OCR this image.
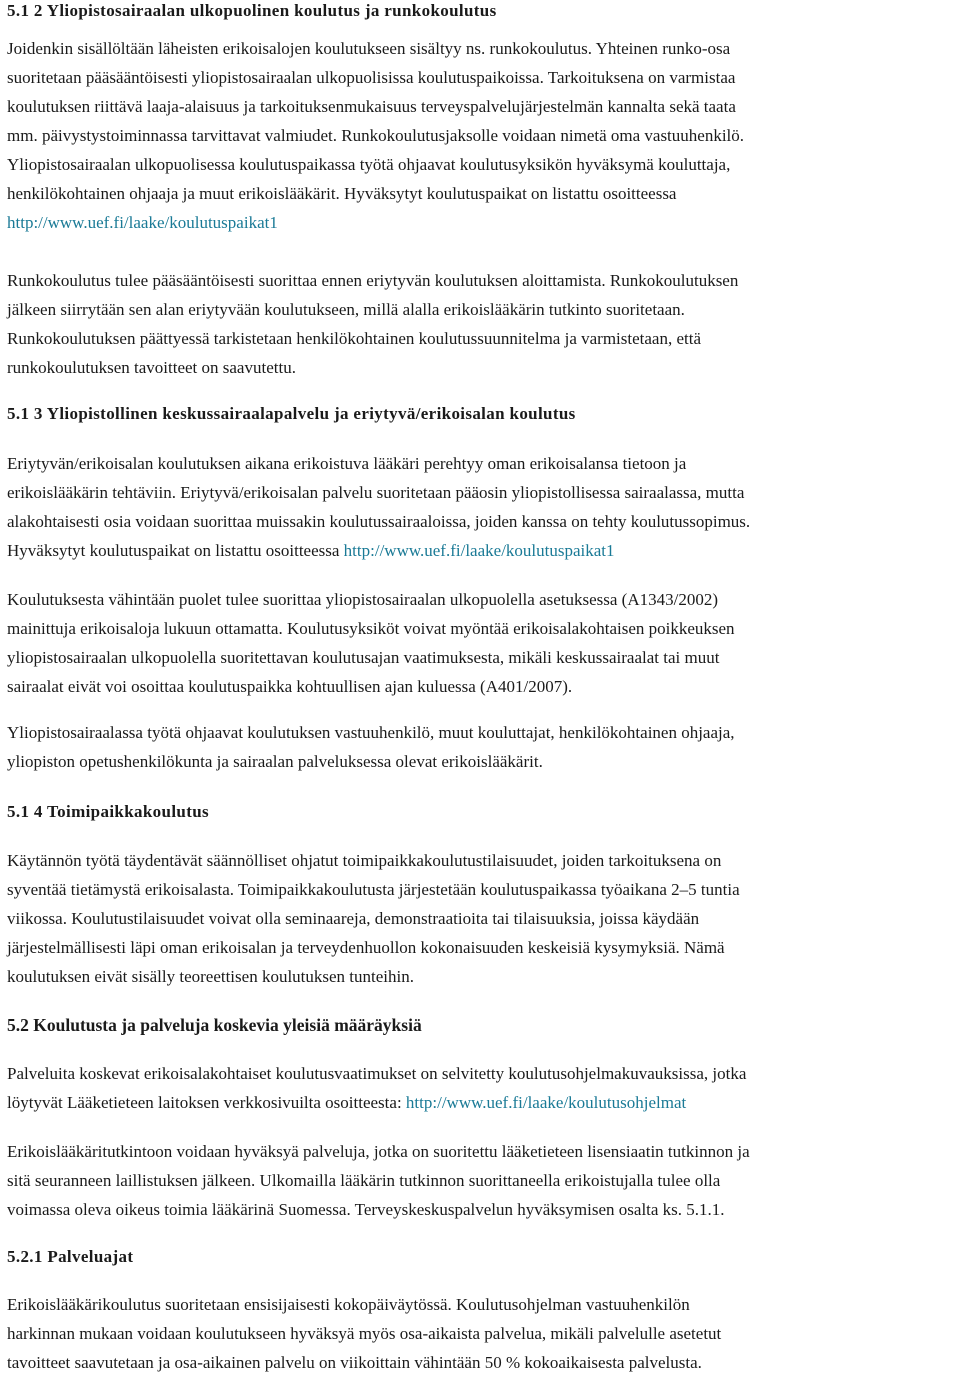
5.1 2 Yliopistosairaalan ulkopuolinen koulutus ja runkokoulutus

Joidenkin sisällöltään läheisten erikoisalojen koulutukseen sisältyy ns. runkokoulutus. Yhteinen runko-osa
suoritetaan pääsääntöisesti yliopistosairaalan ulkopuolisissa koulutuspaikoissa. Tarkoituksena on varmistaa
koulutuksen riittävä laaja-alaisuus ja tarkoituksenmukaisuus terveyspalvelujärjestelmän kannalta sekä taata
mm. päivystystoiminnassa tarvittavat valmiudet. Runkokoulutusjaksolle voidaan nimetä oma vastuuhenkilö.
Yliopistosairaalan ulkopuolisessa koulutuspaikassa työtä ohjaavat koulutusyksikön hyväksymä kouluttaja,
henkilökohtainen ohjaaja ja muut erikoislääkärit. Hyväksytyt koulutuspaikat on listattu osoitteessa
http://www.uef.fi/laake/koulutuspaikat1

Runkokoulutus tulee pääsääntöisesti suorittaa ennen eriytyvän koulutuksen aloittamista. Runkokoulutuksen
jälkeen siirrytään sen alan eriytyvään koulutukseen, millä alalla erikoislääkärin tutkinto suoritetaan.
Runkokoulutuksen päättyessä tarkistetaan henkilökohtainen koulutussuunnitelma ja varmistetaan, että
runkokoulutuksen tavoitteet on saavutettu.

5.1 3 Yliopistollinen keskussairaalapalvelu ja eriytyvä/erikoisalan koulutus

Eriytyvän/erikoisalan koulutuksen aikana erikoistuva lääkäri perehtyy oman erikoisalansa tietoon ja
erikoislääkärin tehtäviin. Eriytyvä/erikoisalan palvelu suoritetaan pääosin yliopistollisessa sairaalassa, mutta
alakohtaisesti osia voidaan suorittaa muissakin koulutussairaaloissa, joiden kanssa on tehty koulutussopimus.
Hyväksytyt koulutuspaikat on listattu osoitteessa http://www.uef.fi/laake/koulutuspaikat1

Koulutuksesta vähintään puolet tulee suorittaa yliopistosairaalan ulkopuolella asetuksessa (A1343/2002)
mainittuja erikoisaloja lukuun ottamatta. Koulutusyksiköt voivat myöntää erikoisalakohtaisen poikkeuksen
yliopistosairaalan ulkopuolella suoritettavan koulutusajan vaatimuksesta, mikäli keskussairaalat tai muut
sairaalat eivät voi osoittaa koulutuspaikka kohtuullisen ajan kuluessa (A401/2007).

Yliopistosairaalassa työtä ohjaavat koulutuksen vastuuhenkilö, muut kouluttajat, henkilökohtainen ohjaaja,
yliopiston opetushenkilökunta ja sairaalan palveluksessa olevat erikoislääkärit.

5.1 4 Toimipaikkakoulutus

Käytännön työtä täydentävät säännölliset ohjatut toimipaikkakoulutustilaisuudet, joiden tarkoituksena on
syventää tietämystä erikoisalasta. Toimipaikkakoulutusta järjestetään koulutuspaikassa työaikana 2–5 tuntia
viikossa. Koulutustilaisuudet voivat olla seminaareja, demonstraatioita tai tilaisuuksia, joissa käydään
järjestelmällisesti läpi oman erikoisalan ja terveydenhuollon kokonaisuuden keskeisiä kysymyksiä. Nämä
koulutuksen eivät sisälly teoreettisen koulutuksen tunteihin.

5.2 Koulutusta ja palveluja koskevia yleisiä määräyksiä

Palveluita koskevat erikoisalakohtaiset koulutusvaatimukset on selvitetty koulutusohjelmakuvauksissa, jotka
löytyvät Lääketieteen laitoksen verkkosivuilta osoitteesta: http://www.uef.fi/laake/koulutusohjelmat

Erikoislääkäritutkintoon voidaan hyväksyä palveluja, jotka on suoritettu lääketieteen lisensiaatin tutkinnon ja
sitä seuranneen laillistuksen jälkeen. Ulkomailla lääkärin tutkinnon suorittaneella erikoistujalla tulee olla
voimassa oleva oikeus toimia lääkärinä Suomessa. Terveyskeskuspalvelun hyväksymisen osalta ks. 5.1.1.

5.2.1 Palveluajat

Erikoislääkärikoulutus suoritetaan ensisijaisesti kokopäiväytössä. Koulutusohjelman vastuuhenkilön
harkinnan mukaan voidaan koulutukseen hyväksyä myös osa-aikaista palvelua, mikäli palvelulle asetetut
tavoitteet saavutetaan ja osa-aikainen palvelu on viikoittain vähintään 50 % kokoaikaisesta palvelusta.
